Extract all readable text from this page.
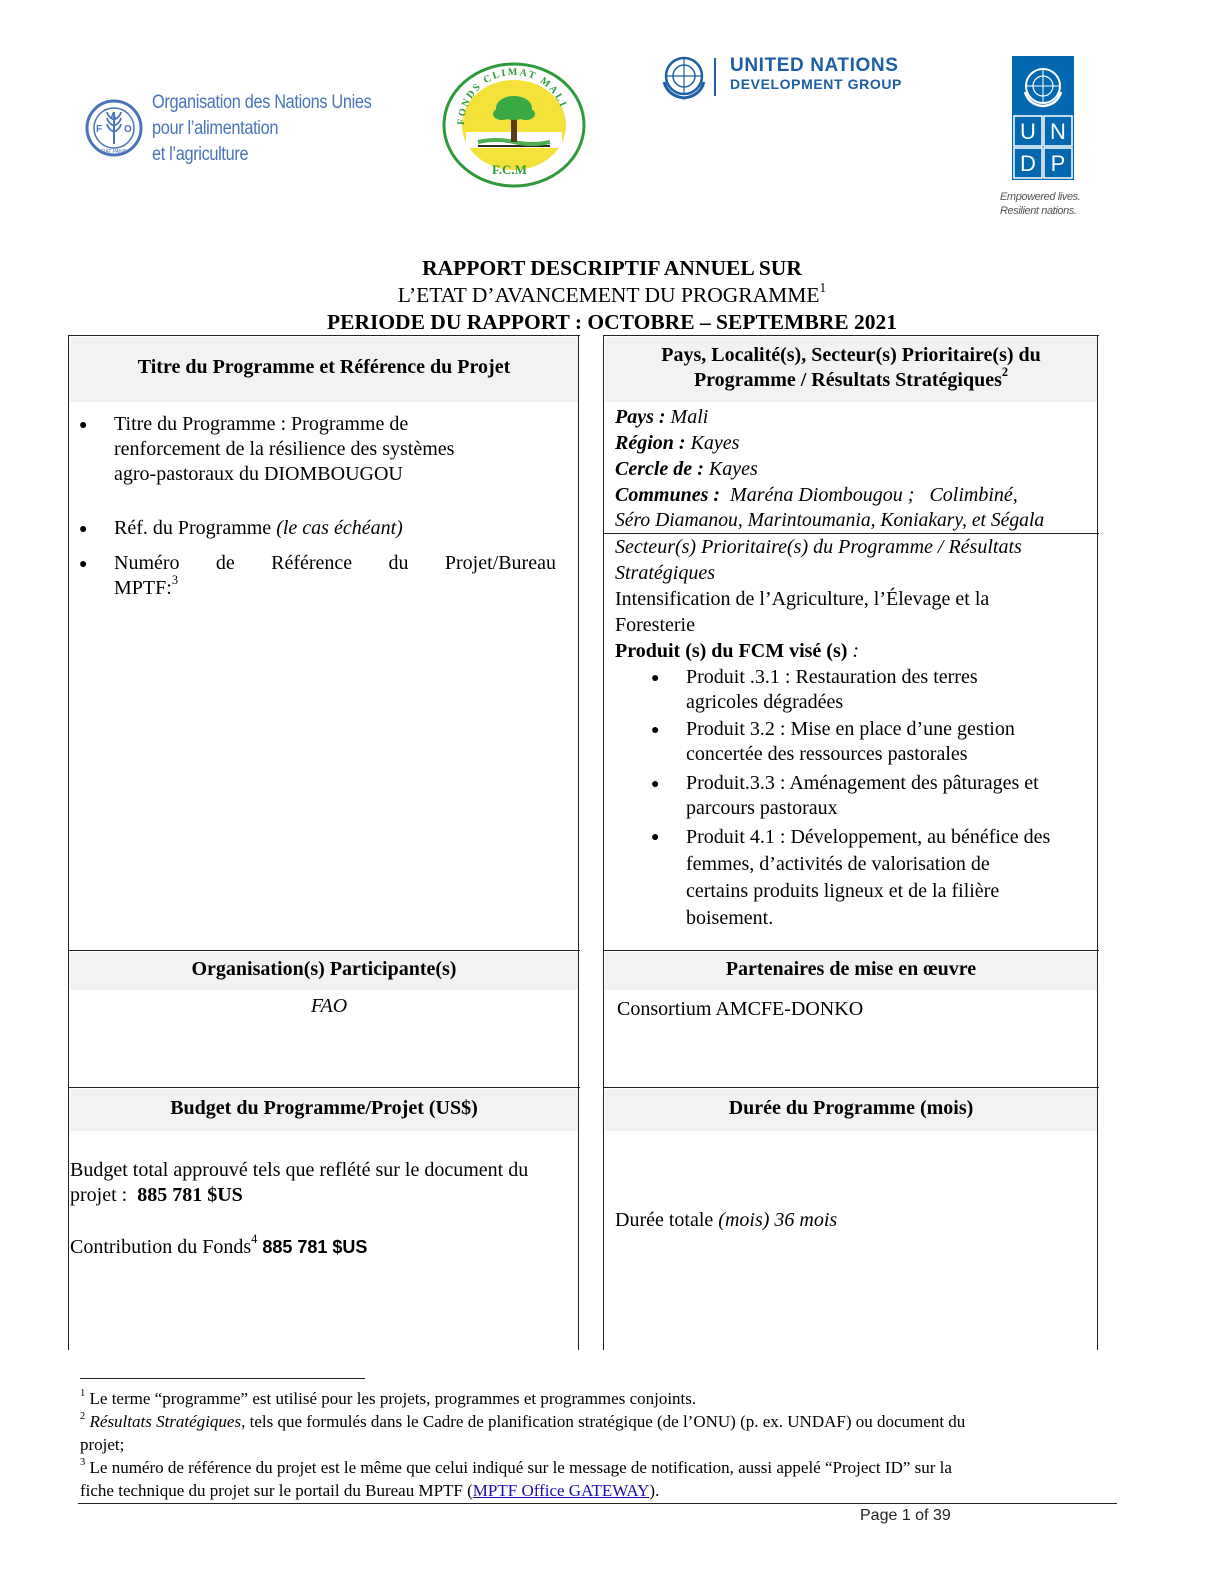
F O
A
FIAT PANIS
Organisation des Nations Unies
pour l’alimentation
et l’agriculture
FONDS CLIMAT MALI
F.C.M
UNITED NATIONS
DEVELOPMENT GROUP
U N
D P
Empowered lives.
Resilient nations.
RAPPORT DESCRIPTIF ANNUEL SUR
L’ETAT D’AVANCEMENT DU PROGRAMME$^1$
PERIODE DU RAPPORT : OCTOBRE – SEPTEMBRE 2021
Titre du Programme et Référence du Projet
● Titre du Programme : Programme de
renforcement de la résilience des systèmes
agro-pastoraux du DIOMBOUGOU
● Réf. du Programme (le cas échéant)
● Numéro de Référence du Projet/Bureau
MPTF:$^3$
Pays, Localité(s), Secteur(s) Prioritaire(s) du
Programme / Résultats Stratégiques$^2$
Pays : Mali
Région : Kayes
Cercle de : Kayes
Communes :  Maréna Diombougou ;   Colimbiné,
Séro Diamanou, Marintoumania, Koniakary, et Ségala
Secteur(s) Prioritaire(s) du Programme / Résultats
Stratégiques
Intensification de l’Agriculture, l’Élevage et la
Foresterie
Produit (s) du FCM visé (s) :
● Produit .3.1 : Restauration des terres
agricoles dégradées
● Produit 3.2 : Mise en place d’une gestion
concertée des ressources pastorales
● Produit.3.3 : Aménagement des pâturages et
parcours pastoraux
● Produit 4.1 : Développement, au bénéfice des
femmes, d’activités de valorisation de
certains produits ligneux et de la filière
boisement.
Organisation(s) Participante(s)
FAO
Partenaires de mise en œuvre
Consortium AMCFE-DONKO
Budget du Programme/Projet (US$)
Budget total approuvé tels que reflété sur le document du
projet :  885 781 $US
Contribution du Fonds$^4$ 885 781 $US
Durée du Programme (mois)
Durée totale (mois) 36 mois
$^1$ Le terme “programme” est utilisé pour les projets, programmes et programmes conjoints.
$^2$ Résultats Stratégiques, tels que formulés dans le Cadre de planification stratégique (de l’ONU) (p. ex. UNDAF) ou document du
projet;
$^3$ Le numéro de référence du projet est le même que celui indiqué sur le message de notification, aussi appelé “Project ID” sur la
fiche technique du projet sur le portail du Bureau MPTF (MPTF Office GATEWAY).
Page 1 of 39
